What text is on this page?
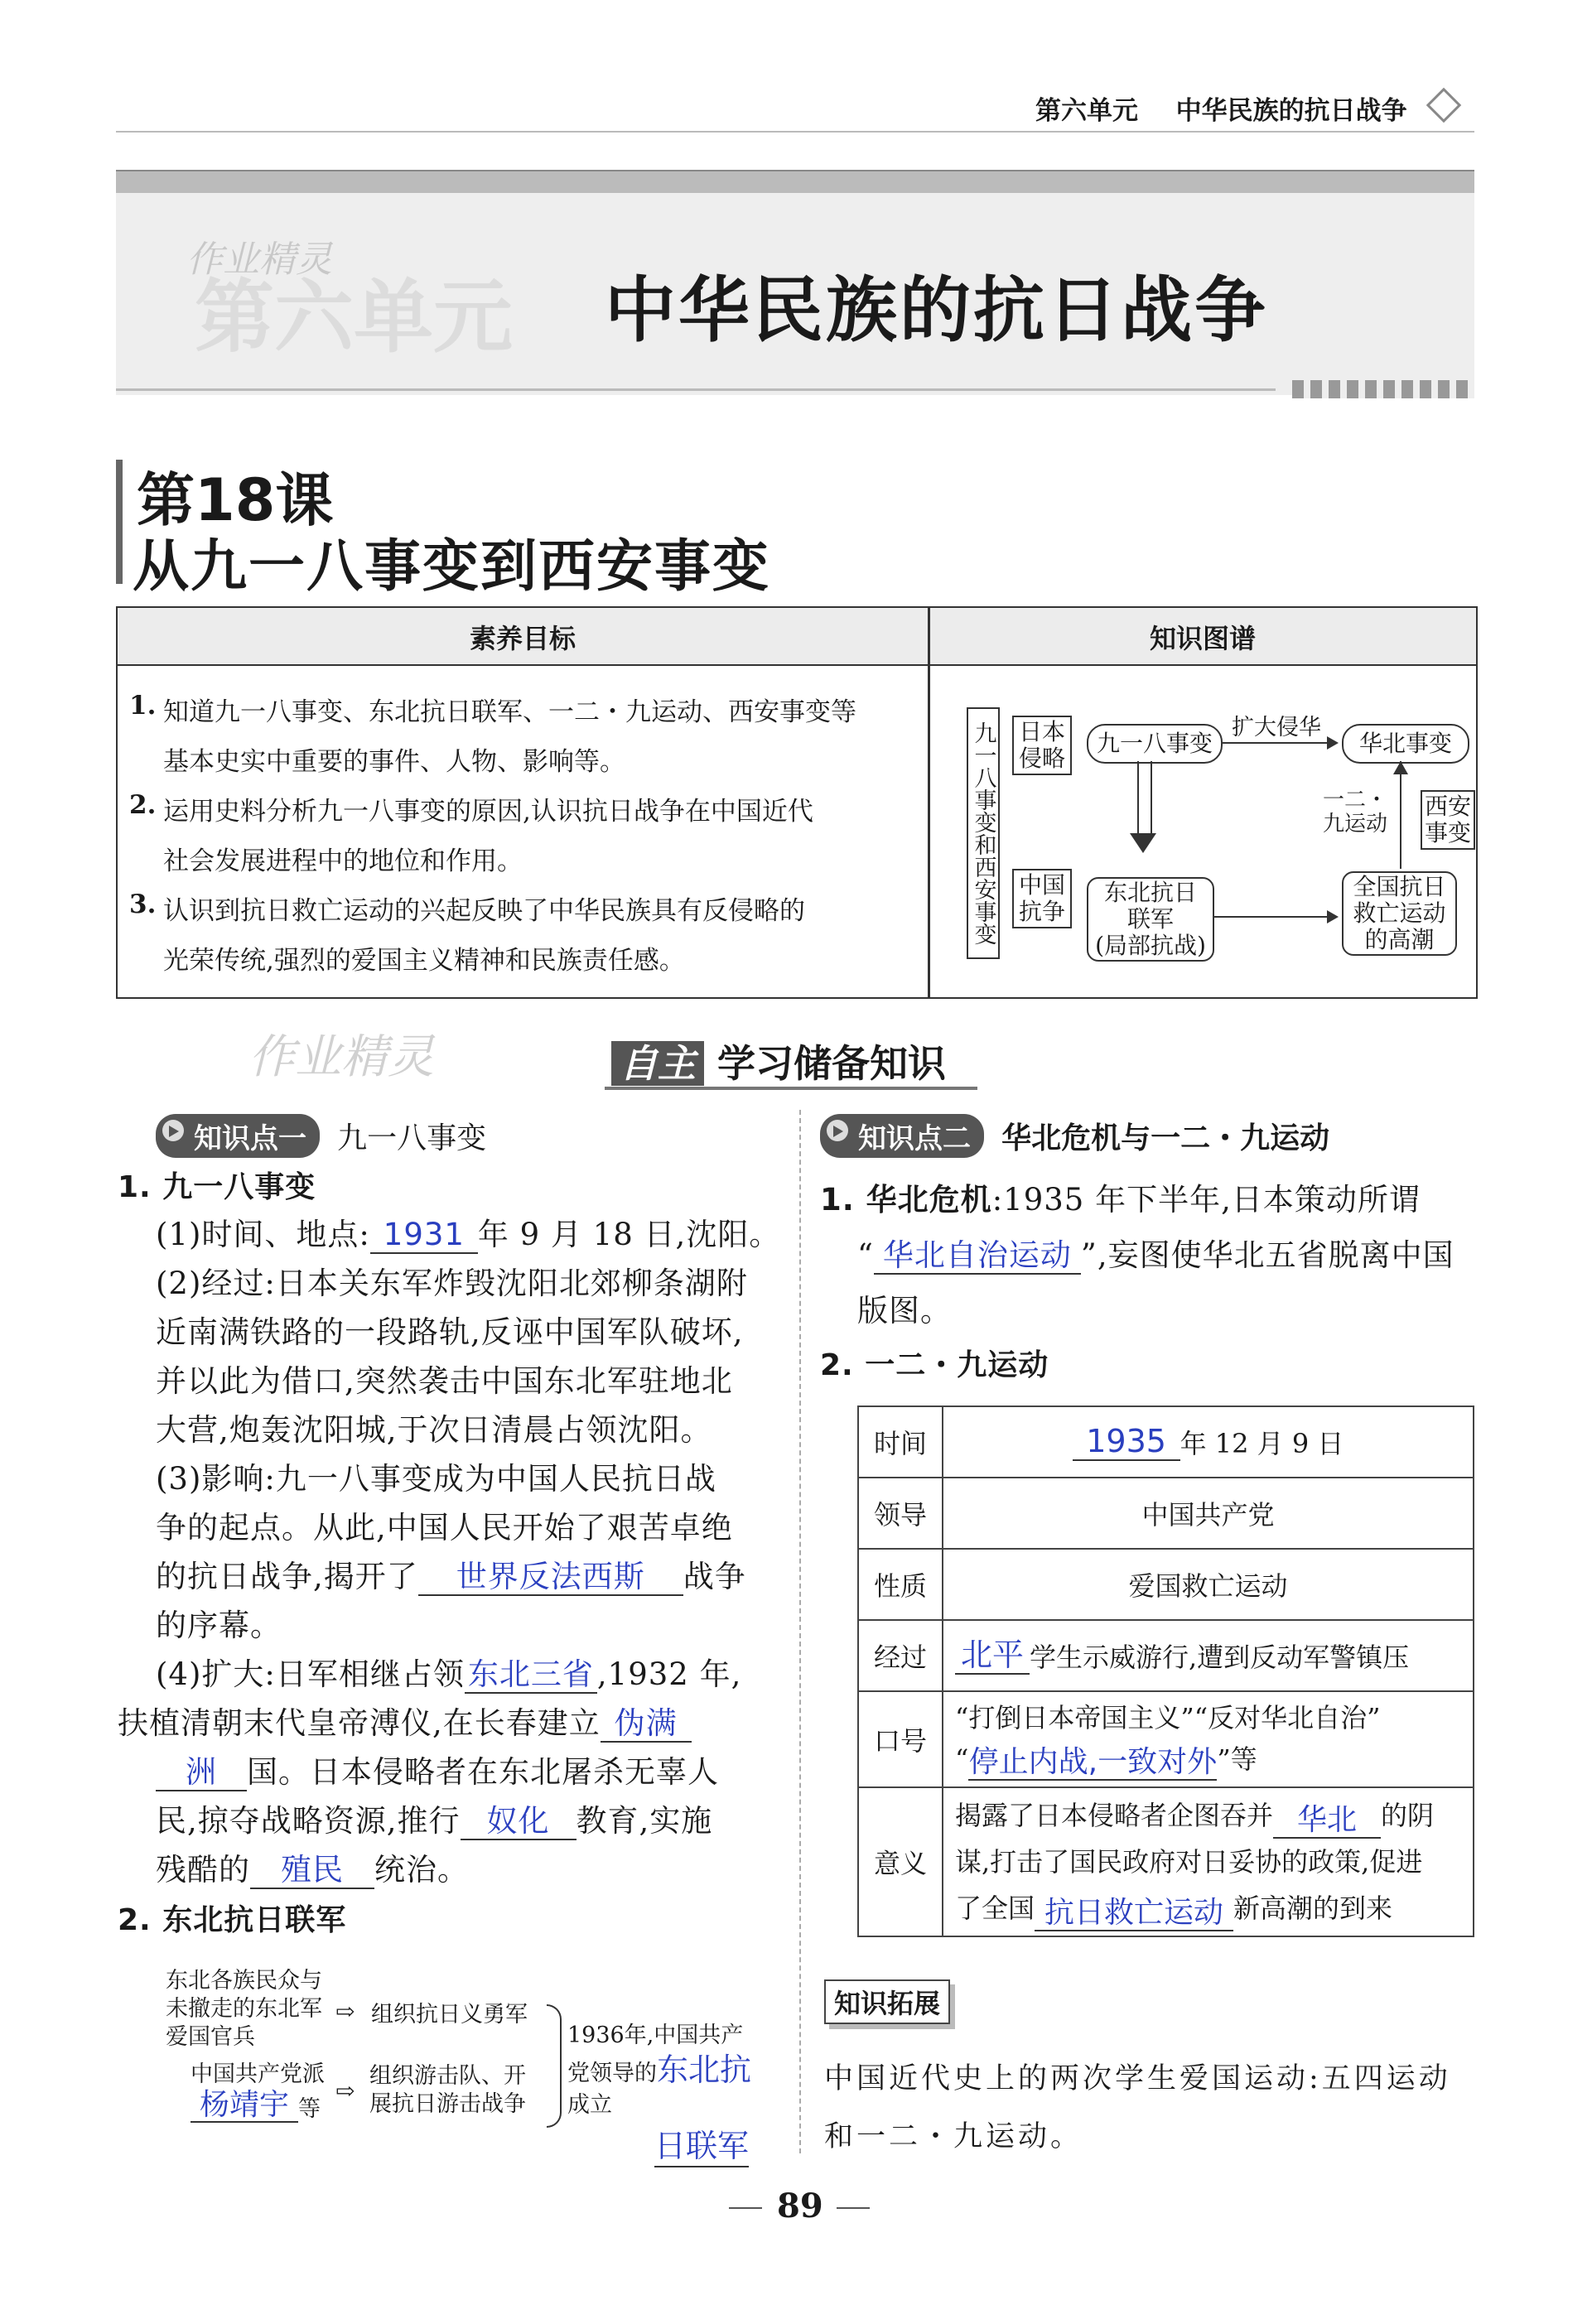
第六单元 中华民族的抗日战争
作业精灵
第六单元 中华民族的抗日战争
第18课
从九一八事变到西安事变
素养目标	知识图谱
1. 知道九一八事变、东北抗日联军、一二・九运动、西安事变等
基本史实中重要的事件、人物、影响等。
2. 运用史料分析九一八事变的原因,认识抗日战争在中国近代
社会发展进程中的地位和作用。
3. 认识到抗日救亡运动的兴起反映了中华民族具有反侵略的
光荣传统,强烈的爱国主义精神和民族责任感。
九一八事变和西安事变 日本侵略
中国抗争
九一八事变
扩大侵华
华北事变
一二・九运动
西安事变
东北抗日
联军
(局部抗战)
全国抗日
救亡运动
的高潮
作业精灵	自主 学习储备知识
知识点一 九一八事变
1. 九一八事变
(1)时间、地点: 1931 年 9 月 18 日,沈阳。
(2)经过:日本关东军炸毁沈阳北郊柳条湖附
近南满铁路的一段路轨,反诬中国军队破坏,
并以此为借口,突然袭击中国东北军驻地北
大营,炮轰沈阳城,于次日清晨占领沈阳。
(3)影响:九一八事变成为中国人民抗日战
争的起点。从此,中国人民开始了艰苦卓绝
的抗日战争,揭开了 世界反法西斯 战争
的序幕。
(4)扩大:日军相继占领 东北三省 ,1932 年,
扶植清朝末代皇帝溥仪,在长春建立 伪满
洲 国。日本侵略者在东北屠杀无辜人
民,掠夺战略资源,推行 奴化 教育,实施
残酷的 殖民 统治。
2. 东北抗日联军
东北各族民众与
未撤走的东北军
爱国官兵
⇨ 组织抗日义勇军
中国共产党派
杨靖宇 等
⇨
组织游击队、开
展抗日游击战争
1936年,中国共产
党领导的东北抗
成立
日联军
知识点二 华北危机与一二・九运动
1. 华北危机:1935 年下半年,日本策动所谓
“ 华北自治运动 ”,妄图使华北五省脱离中国
版图。
2. 一二・九运动
时间	1935 年 12 月 9 日
领导	中国共产党
性质	爱国救亡运动
经过	北平 学生示威游行,遭到反动军警镇压
口号	“打倒日本帝国主义”“反对华北自治”
“停止内战,一致对外”等

意义	揭露了日本侵略者企图吞并 华北 的阴
谋,打击了国民政府对日妥协的政策,促进
了全国 抗日救亡运动 新高潮的到来
知识拓展
中国近代史上的两次学生爱国运动:五四运动
和一二・九运动。
89
